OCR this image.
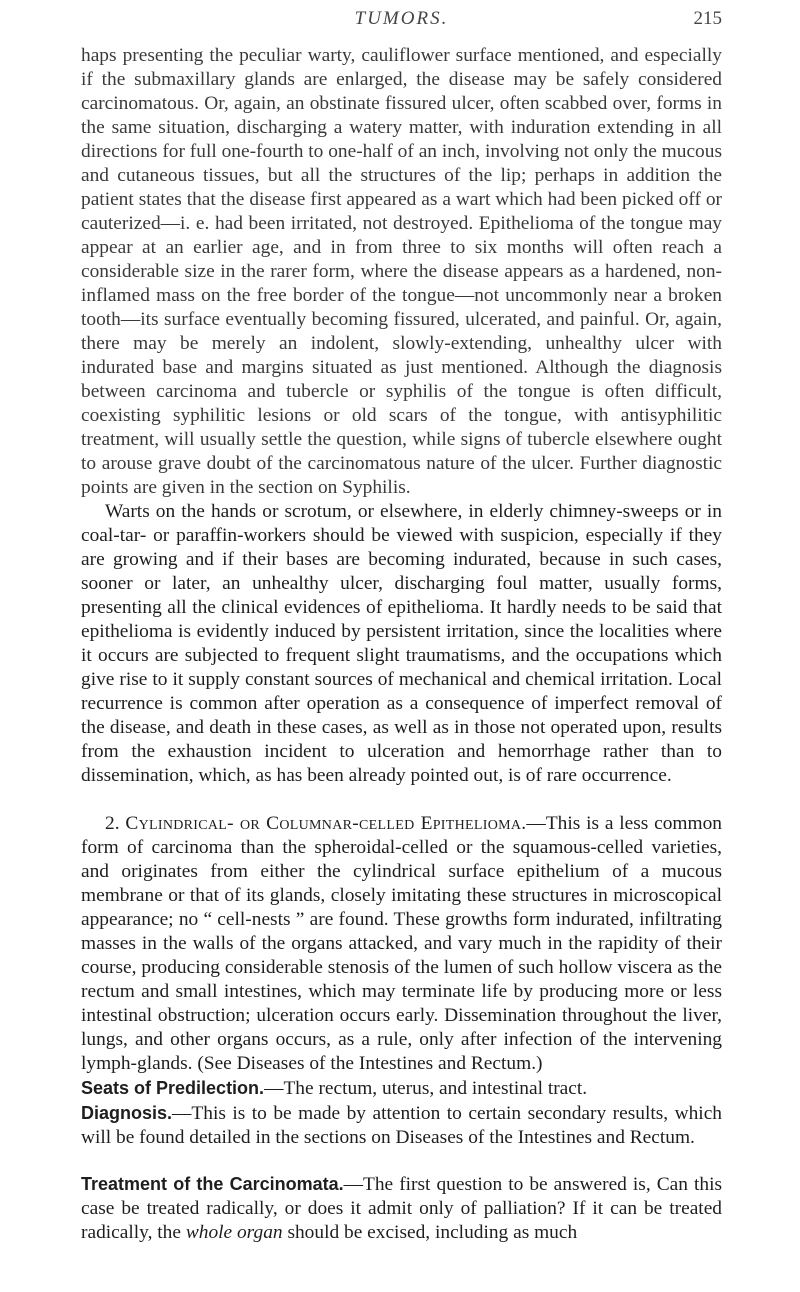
TUMORS.	215

haps presenting the peculiar warty, cauliflower surface mentioned, and especially if the submaxillary glands are enlarged, the disease may be safely considered carcinomatous. Or, again, an obstinate fissured ulcer, often scabbed over, forms in the same situation, discharging a watery matter, with induration extending in all directions for full one-fourth to one-half of an inch, involving not only the mucous and cutaneous tissues, but all the structures of the lip; perhaps in addition the patient states that the disease first appeared as a wart which had been picked off or cauterized—i. e. had been irritated, not destroyed. Epithelioma of the tongue may appear at an earlier age, and in from three to six months will often reach a considerable size in the rarer form, where the disease appears as a hardened, non-inflamed mass on the free border of the tongue—not uncommonly near a broken tooth—its surface eventually becoming fissured, ulcerated, and painful. Or, again, there may be merely an indolent, slowly-extending, unhealthy ulcer with indurated base and margins situated as just mentioned. Although the diagnosis between carcinoma and tubercle or syphilis of the tongue is often difficult, coexisting syphilitic lesions or old scars of the tongue, with antisyphilitic treatment, will usually settle the question, while signs of tubercle elsewhere ought to arouse grave doubt of the carcinomatous nature of the ulcer. Further diagnostic points are given in the section on Syphilis.

Warts on the hands or scrotum, or elsewhere, in elderly chimney-sweeps or in coal-tar- or paraffin-workers should be viewed with suspicion, especially if they are growing and if their bases are becoming indurated, because in such cases, sooner or later, an unhealthy ulcer, discharging foul matter, usually forms, presenting all the clinical evidences of epithelioma. It hardly needs to be said that epithelioma is evidently induced by persistent irritation, since the localities where it occurs are subjected to frequent slight traumatisms, and the occupations which give rise to it supply constant sources of mechanical and chemical irritation. Local recurrence is common after operation as a consequence of imperfect removal of the disease, and death in these cases, as well as in those not operated upon, results from the exhaustion incident to ulceration and hemorrhage rather than to dissemination, which, as has been already pointed out, is of rare occurrence.

2. Cylindrical- or Columnar-celled Epithelioma.—This is a less common form of carcinoma than the spheroidal-celled or the squamous-celled varieties, and originates from either the cylindrical surface epithelium of a mucous membrane or that of its glands, closely imitating these structures in microscopical appearance; no “ cell-nests ” are found. These growths form indurated, infiltrating masses in the walls of the organs attacked, and vary much in the rapidity of their course, producing considerable stenosis of the lumen of such hollow viscera as the rectum and small intestines, which may terminate life by producing more or less intestinal obstruction; ulceration occurs early. Dissemination throughout the liver, lungs, and other organs occurs, as a rule, only after infection of the intervening lymph-glands. (See Diseases of the Intestines and Rectum.)

Seats of Predilection.—The rectum, uterus, and intestinal tract.

Diagnosis.—This is to be made by attention to certain secondary results, which will be found detailed in the sections on Diseases of the Intestines and Rectum.

Treatment of the Carcinomata.—The first question to be answered is, Can this case be treated radically, or does it admit only of palliation? If it can be treated radically, the whole organ should be excised, including as much
